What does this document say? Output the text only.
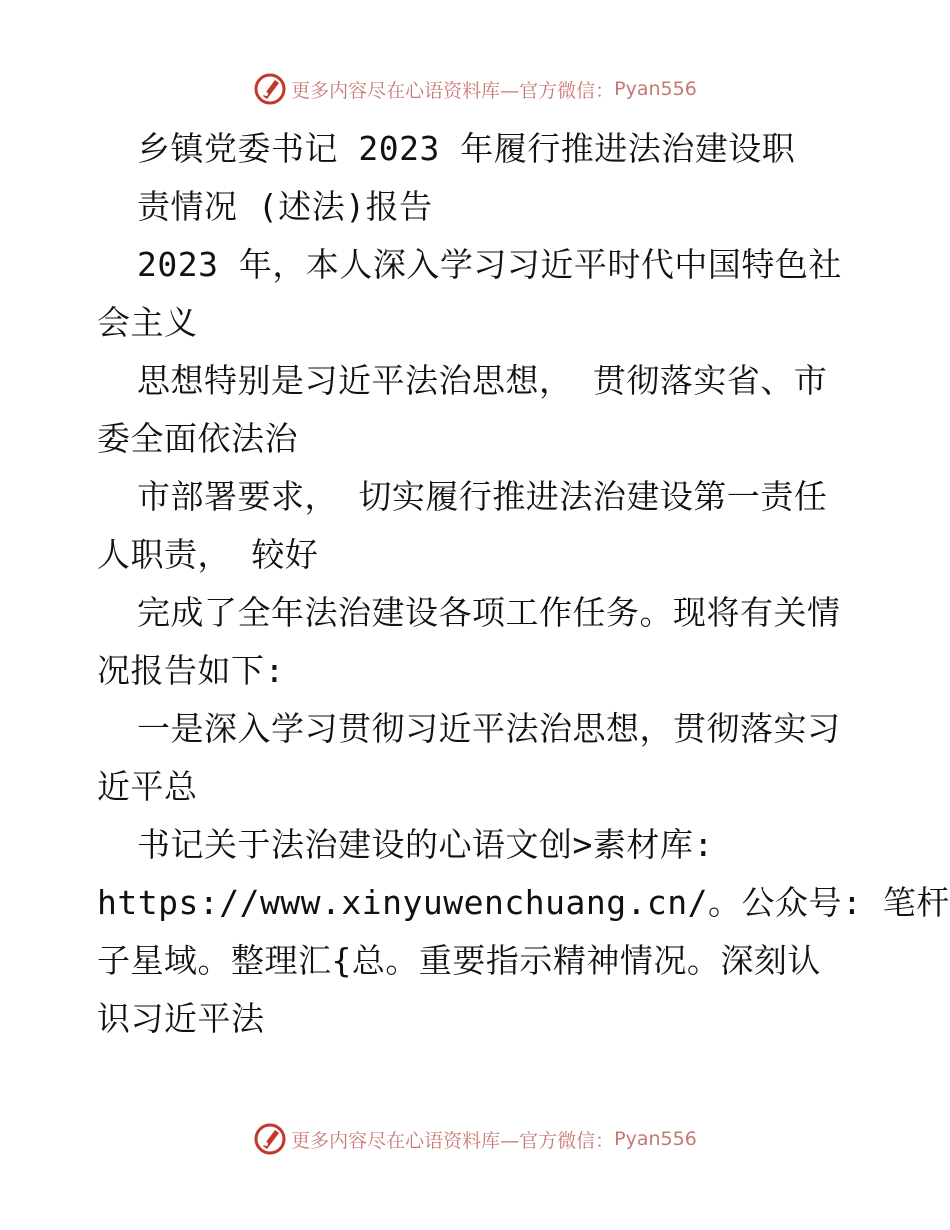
更多内容尽在心语资料库—官方微信： Pyan556
乡镇党委书记 2023 年履行推进法治建设职
责情况 (述法)报告
2023 年，本人深入学习习近平时代中国特色社
会主义
思想特别是习近平法治思想， 贯彻落实省、市
委全面依法治
市部署要求， 切实履行推进法治建设第一责任
人职责， 较好
完成了全年法治建设各项工作任务。现将有关情
况报告如下:
一是深入学习贯彻习近平法治思想，贯彻落实习
近平总
书记关于法治建设的心语文创>素材库:
https://www.xinyuwenchuang.cn/。公众号: 笔杆
子星域。整理汇{总。重要指示精神情况。深刻认
识习近平法
更多内容尽在心语资料库—官方微信： Pyan556
